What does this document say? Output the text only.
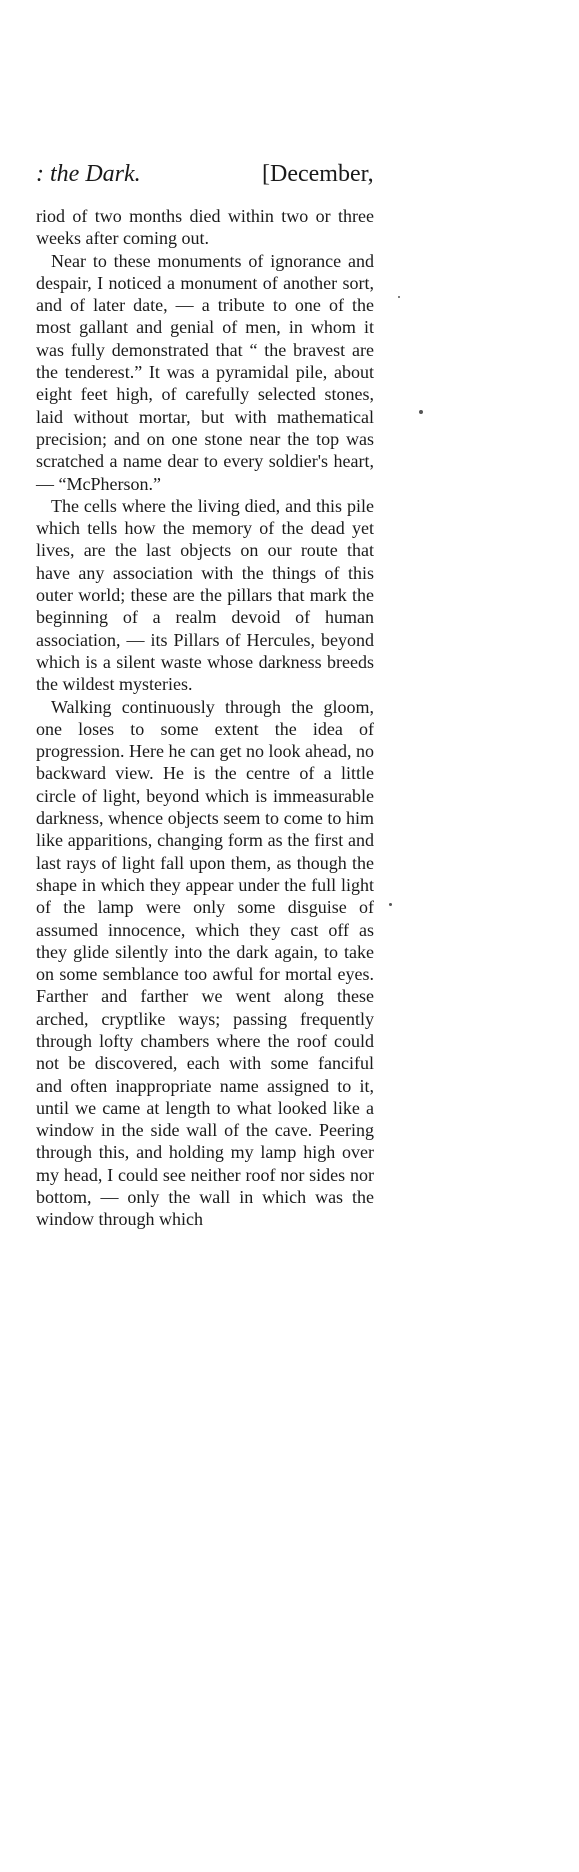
: the Dark.	[December,

riod of two months died within two or three weeks after coming out.

Near to these monuments of ignorance and despair, I noticed a monument of another sort, and of later date, — a tribute to one of the most gallant and genial of men, in whom it was fully demonstrated that “ the bravest are the tenderest.” It was a pyramidal pile, about eight feet high, of carefully selected stones, laid without mortar, but with mathematical precision; and on one stone near the top was scratched a name dear to every soldier's heart, — “McPherson.”

The cells where the living died, and this pile which tells how the memory of the dead yet lives, are the last objects on our route that have any association with the things of this outer world; these are the pillars that mark the beginning of a realm devoid of human association, — its Pillars of Hercules, beyond which is a silent waste whose darkness breeds the wildest mysteries.

Walking continuously through the gloom, one loses to some extent the idea of progression. Here he can get no look ahead, no backward view. He is the centre of a little circle of light, beyond which is immeasurable darkness, whence objects seem to come to him like apparitions, changing form as the first and last rays of light fall upon them, as though the shape in which they appear under the full light of the lamp were only some disguise of assumed innocence, which they cast off as they glide silently into the dark again, to take on some semblance too awful for mortal eyes. Farther and farther we went along these arched, cryptlike ways; passing frequently through lofty chambers where the roof could not be discovered, each with some fanciful and often inappropriate name assigned to it, until we came at length to what looked like a window in the side wall of the cave. Peering through this, and holding my lamp high over my head, I could see neither roof nor sides nor bottom, — only the wall in which was the window through which
